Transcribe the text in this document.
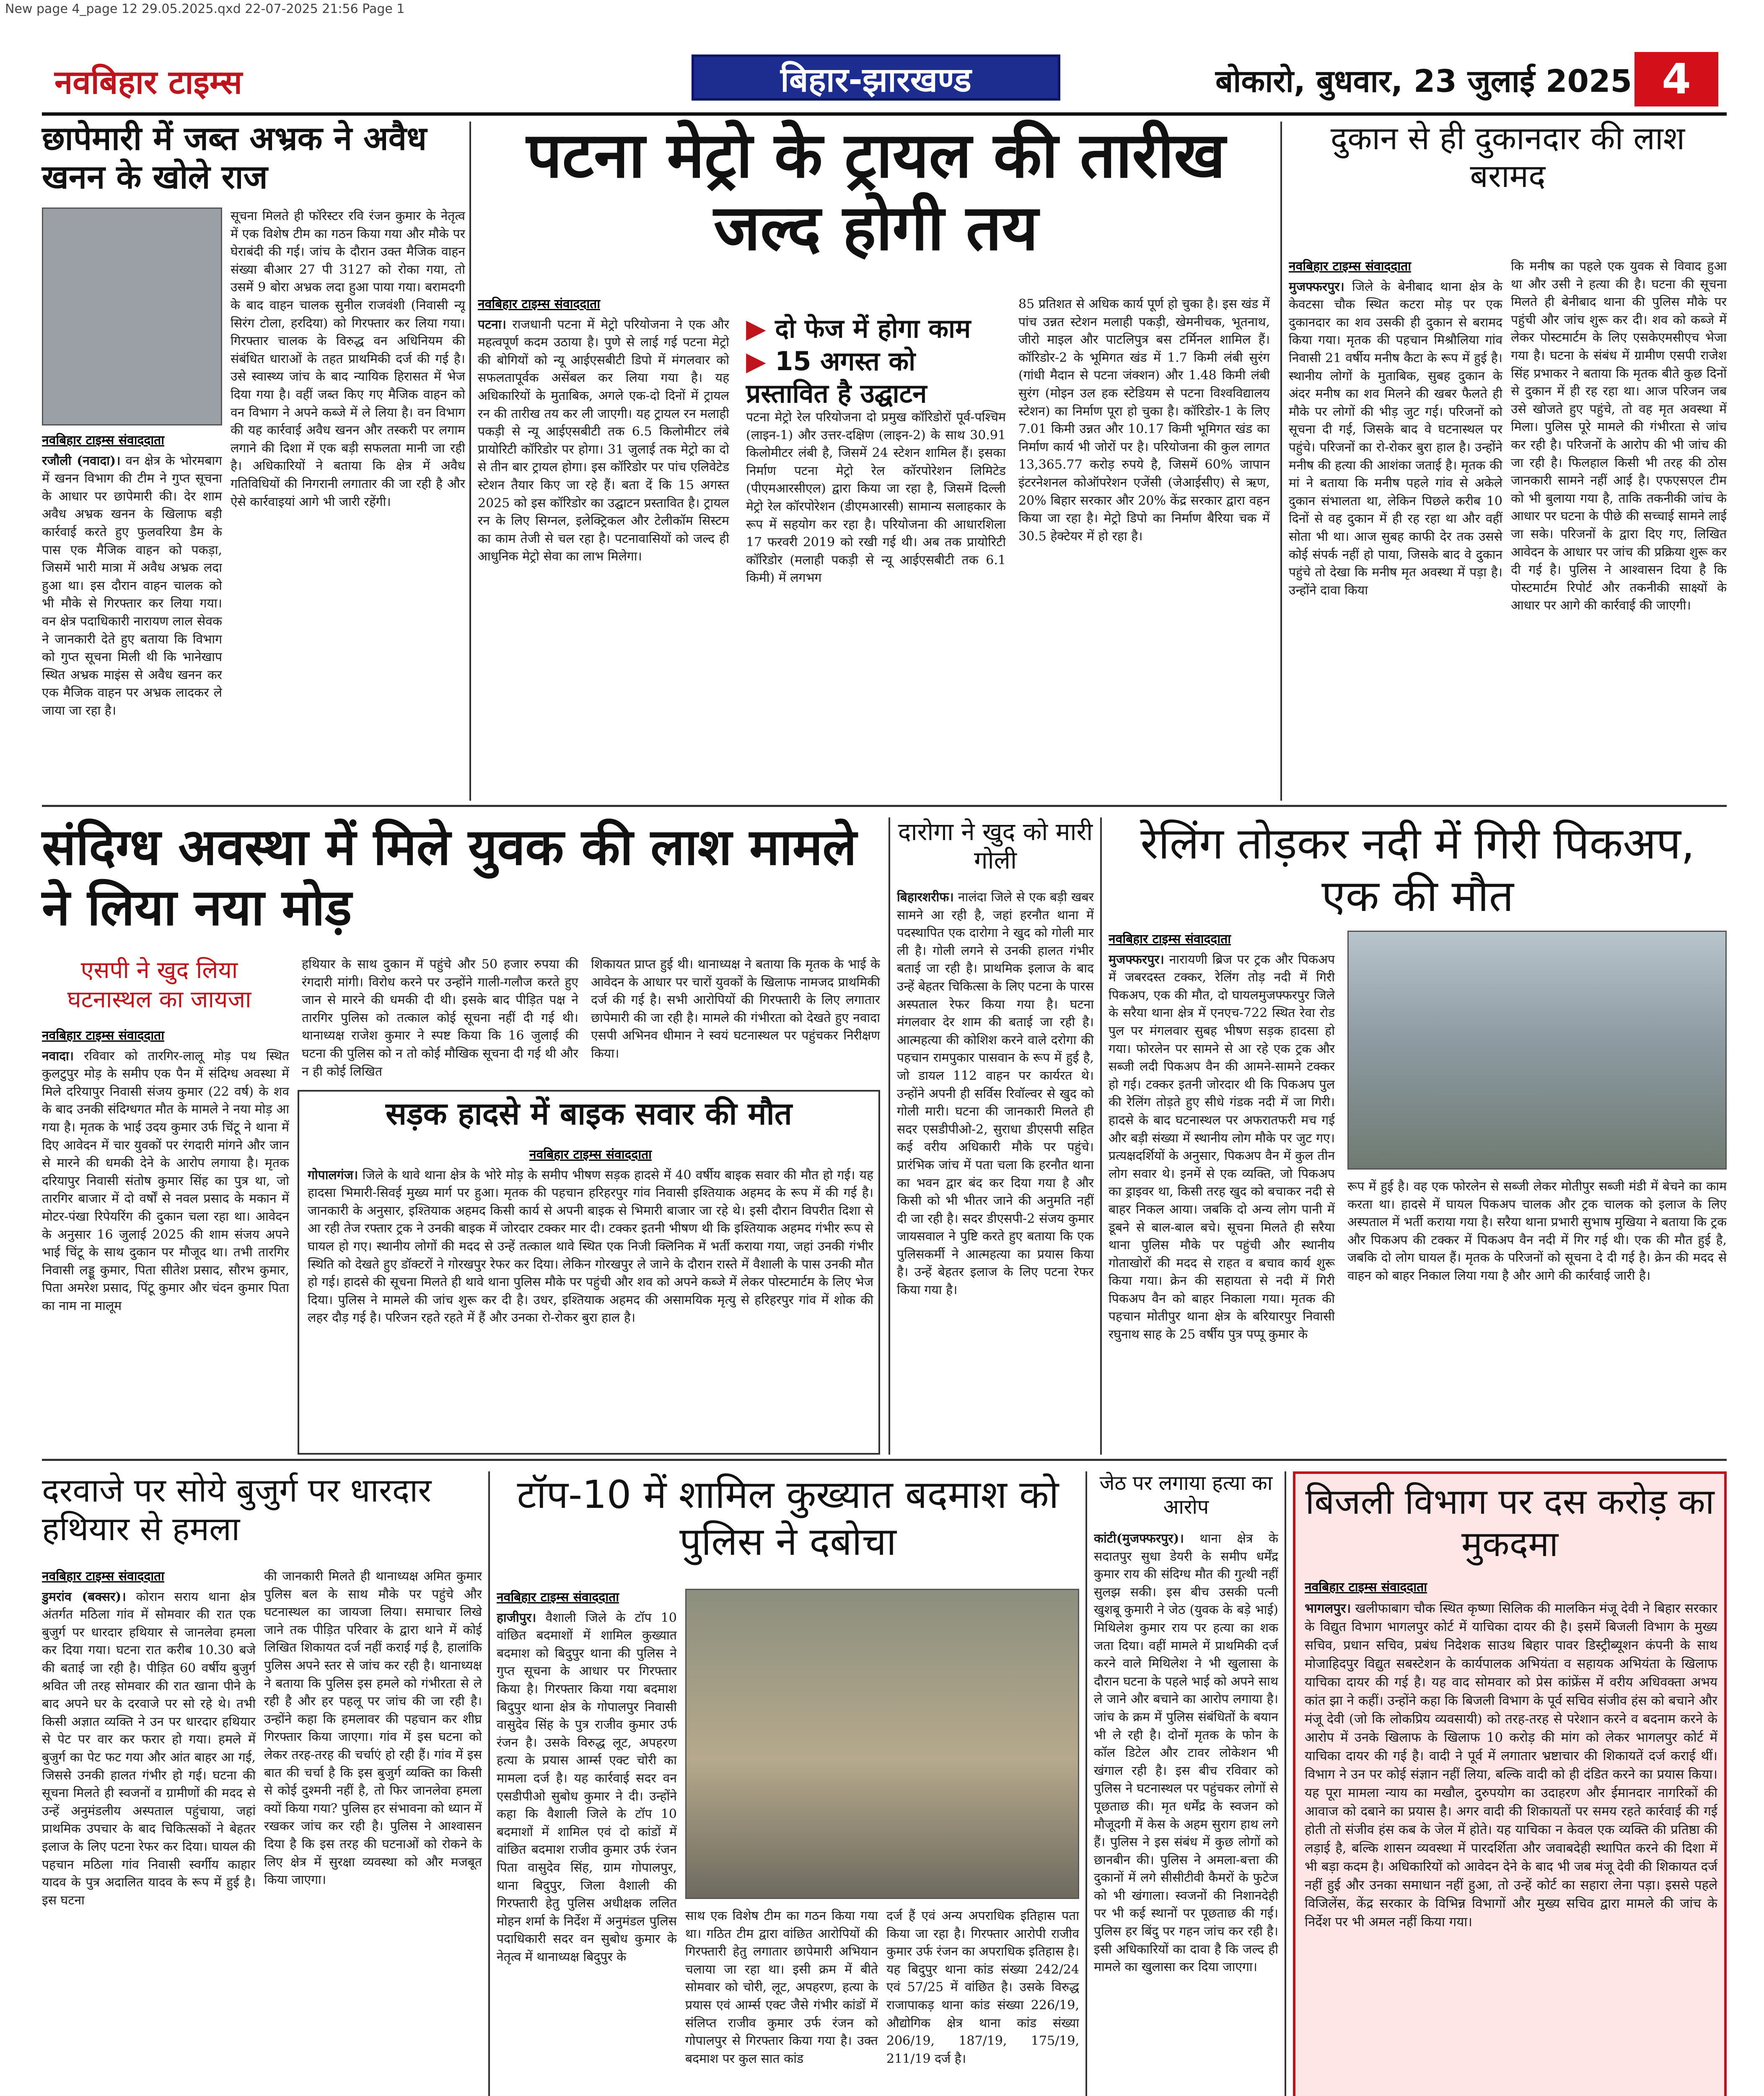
New page 4_page 12 29.05.2025.qxd 22-07-2025 21:56 Page 1
नवबिहार टाइम्स	बिहार-झारखण्ड	बोकारो, बुधवार, 23 जुलाई 2025 4
छापेमारी में जब्त अभ्रक ने अवैध खनन के खोले राज
सूचना मिलते ही फॉरेस्टर रवि रंजन कुमार के नेतृत्व में एक विशेष टीम का गठन किया गया और मौके पर घेराबंदी की गई। जांच के दौरान उक्त मैजिक वाहन संख्या बीआर 27 पी 3127 को रोका गया, तो उसमें 9 बोरा अभ्रक लदा हुआ पाया गया। बरामदगी के बाद वाहन चालक सुनील राजवंशी (निवासी न्यू सिरंग टोला, हरदिया) को गिरफ्तार कर लिया गया। गिरफ्तार चालक के विरुद्ध वन अधिनियम की संबंधित धाराओं के तहत प्राथमिकी दर्ज की गई है। उसे स्वास्थ्य जांच के बाद न्यायिक हिरासत में भेज दिया गया है। वहीं जब्त किए गए मैजिक वाहन को वन विभाग ने अपने कब्जे में ले लिया है। वन विभाग की यह कार्रवाई अवैध खनन और तस्करी पर लगाम लगाने की दिशा में एक बड़ी सफलता मानी जा रही है। अधिकारियों ने बताया कि क्षेत्र में अवैध गतिविधियों की निगरानी लगातार की जा रही है और ऐसे कार्रवाइयां आगे भी जारी रहेंगी।
नवबिहार टाइम्स संवाददाता
रजौली (नवादा)। वन क्षेत्र के भोरमबाग में खनन विभाग की टीम ने गुप्त सूचना के आधार पर छापेमारी की। देर शाम अवैध अभ्रक खनन के खिलाफ बड़ी कार्रवाई करते हुए फुलवरिया डैम के पास एक मैजिक वाहन को पकड़ा, जिसमें भारी मात्रा में अवैध अभ्रक लदा हुआ था। इस दौरान वाहन चालक को भी मौके से गिरफ्तार कर लिया गया। वन क्षेत्र पदाधिकारी नारायण लाल सेवक ने जानकारी देते हुए बताया कि विभाग को गुप्त सूचना मिली थी कि भानेखाप स्थित अभ्रक माइंस से अवैध खनन कर एक मैजिक वाहन पर अभ्रक लादकर ले जाया जा रहा है।
पटना मेट्रो के ट्रायल की तारीख जल्द होगी तय
नवबिहार टाइम्स संवाददाता
पटना। राजधानी पटना में मेट्रो परियोजना ने एक और महत्वपूर्ण कदम उठाया है। पुणे से लाई गई पटना मेट्रो की बोगियों को न्यू आईएसबीटी डिपो में मंगलवार को सफलतापूर्वक असेंबल कर लिया गया है। यह अधिकारियों के मुताबिक, अगले एक-दो दिनों में ट्रायल रन की तारीख तय कर ली जाएगी। यह ट्रायल रन मलाही पकड़ी से न्यू आईएसबीटी तक 6.5 किलोमीटर लंबे प्रायोरिटी कॉरिडोर पर होगा। 31 जुलाई तक मेट्रो का दो से तीन बार ट्रायल होगा। इस कॉरिडोर पर पांच एलिवेटेड स्टेशन तैयार किए जा रहे हैं। बता दें कि 15 अगस्त 2025 को इस कॉरिडोर का उद्घाटन प्रस्तावित है। ट्रायल रन के लिए सिग्नल, इलेक्ट्रिकल और टेलीकॉम सिस्टम का काम तेजी से चल रहा है। पटनावासियों को जल्द ही आधुनिक मेट्रो सेवा का लाभ मिलेगा।
▶ दो फेज में होगा काम
▶ 15 अगस्त को प्रस्तावित है उद्घाटन
पटना मेट्रो रेल परियोजना दो प्रमुख कॉरिडोरों पूर्व-पश्चिम (लाइन-1) और उत्तर-दक्षिण (लाइन-2) के साथ 30.91 किलोमीटर लंबी है, जिसमें 24 स्टेशन शामिल हैं। इसका निर्माण पटना मेट्रो रेल कॉरपोरेशन लिमिटेड (पीएमआरसीएल) द्वारा किया जा रहा है, जिसमें दिल्ली मेट्रो रेल कॉरपोरेशन (डीएमआरसी) सामान्य सलाहकार के रूप में सहयोग कर रहा है। परियोजना की आधारशिला 17 फरवरी 2019 को रखी गई थी। अब तक प्रायोरिटी कॉरिडोर (मलाही पकड़ी से न्यू आईएसबीटी तक 6.1 किमी) में लगभग
85 प्रतिशत से अधिक कार्य पूर्ण हो चुका है। इस खंड में पांच उन्नत स्टेशन मलाही पकड़ी, खेमनीचक, भूतनाथ, जीरो माइल और पाटलिपुत्र बस टर्मिनल शामिल हैं। कॉरिडोर-2 के भूमिगत खंड में 1.7 किमी लंबी सुरंग (गांधी मैदान से पटना जंक्शन) और 1.48 किमी लंबी सुरंग (मोइन उल हक स्टेडियम से पटना विश्वविद्यालय स्टेशन) का निर्माण पूरा हो चुका है। कॉरिडोर-1 के लिए 7.01 किमी उन्नत और 10.17 किमी भूमिगत खंड का निर्माण कार्य भी जोरों पर है। परियोजना की कुल लागत 13,365.77 करोड़ रुपये है, जिसमें 60% जापान इंटरनेशनल कोऑपरेशन एजेंसी (जेआईसीए) से ऋण, 20% बिहार सरकार और 20% केंद्र सरकार द्वारा वहन किया जा रहा है। मेट्रो डिपो का निर्माण बैरिया चक में 30.5 हेक्टेयर में हो रहा है।
दुकान से ही दुकानदार की लाश बरामद
नवबिहार टाइम्स संवाददाता
मुजफ्फरपुर। जिले के बेनीबाद थाना क्षेत्र के केवटसा चौक स्थित कटरा मोड़ पर एक दुकानदार का शव उसकी ही दुकान से बरामद किया गया। मृतक की पहचान मिश्रौलिया गांव निवासी 21 वर्षीय मनीष कैटा के रूप में हुई है। स्थानीय लोगों के मुताबिक, सुबह दुकान के अंदर मनीष का शव मिलने की खबर फैलते ही मौके पर लोगों की भीड़ जुट गई। परिजनों को सूचना दी गई, जिसके बाद वे घटनास्थल पर पहुंचे। परिजनों का रो-रोकर बुरा हाल है। उन्होंने मनीष की हत्या की आशंका जताई है। मृतक की मां ने बताया कि मनीष पहले गांव से अकेले दुकान संभालता था, लेकिन पिछले करीब 10 दिनों से वह दुकान में ही रह रहा था और वहीं सोता भी था। आज सुबह काफी देर तक उससे कोई संपर्क नहीं हो पाया, जिसके बाद वे दुकान पहुंचे तो देखा कि मनीष मृत अवस्था में पड़ा है। उन्होंने दावा किया
कि मनीष का पहले एक युवक से विवाद हुआ था और उसी ने हत्या की है। घटना की सूचना मिलते ही बेनीबाद थाना की पुलिस मौके पर पहुंची और जांच शुरू कर दी। शव को कब्जे में लेकर पोस्टमार्टम के लिए एसकेएमसीएच भेजा गया है। घटना के संबंध में ग्रामीण एसपी राजेश सिंह प्रभाकर ने बताया कि मृतक बीते कुछ दिनों से दुकान में ही रह रहा था। आज परिजन जब उसे खोजते हुए पहुंचे, तो वह मृत अवस्था में मिला। पुलिस पूरे मामले की गंभीरता से जांच कर रही है। परिजनों के आरोप की भी जांच की जा रही है। फिलहाल किसी भी तरह की ठोस जानकारी सामने नहीं आई है। एफएसएल टीम को भी बुलाया गया है, ताकि तकनीकी जांच के आधार पर घटना के पीछे की सच्चाई सामने लाई जा सके। परिजनों के द्वारा दिए गए, लिखित आवेदन के आधार पर जांच की प्रक्रिया शुरू कर दी गई है। पुलिस ने आश्वासन दिया है कि पोस्टमार्टम रिपोर्ट और तकनीकी साक्ष्यों के आधार पर आगे की कार्रवाई की जाएगी।
संदिग्ध अवस्था में मिले युवक की लाश मामले ने लिया नया मोड़
एसपी ने खुद लिया घटनास्थल का जायजा
नवबिहार टाइम्स संवाददाता
नवादा। रविवार को तारगिर-लालू मोड़ पथ स्थित कुलटुपुर मोड़ के समीप एक पैन में संदिग्ध अवस्था में मिले दरियापुर निवासी संजय कुमार (22 वर्ष) के शव के बाद उनकी संदिग्धगत मौत के मामले ने नया मोड़ आ गया है। मृतक के भाई उदय कुमार उर्फ चिंटू ने थाना में दिए आवेदन में चार युवकों पर रंगदारी मांगने और जान से मारने की धमकी देने के आरोप लगाया है। मृतक दरियापुर निवासी संतोष कुमार सिंह का पुत्र था, जो तारगिर बाजार में दो वर्षों से नवल प्रसाद के मकान में मोटर-पंखा रिपेयरिंग की दुकान चला रहा था। आवेदन के अनुसार 16 जुलाई 2025 की शाम संजय अपने भाई चिंटू के साथ दुकान पर मौजूद था। तभी तारगिर निवासी लड्डू कुमार, पिता सीतेश प्रसाद, सौरभ कुमार, पिता अमरेश प्रसाद, पिंटू कुमार और चंदन कुमार पिता का नाम ना मालूम
हथियार के साथ दुकान में पहुंचे और 50 हजार रुपया की रंगदारी मांगी। विरोध करने पर उन्होंने गाली-गलौज करते हुए जान से मारने की धमकी दी थी। इसके बाद पीड़ित पक्ष ने तारगिर पुलिस को तत्काल कोई सूचना नहीं दी गई थी। थानाध्यक्ष राजेश कुमार ने स्पष्ट किया कि 16 जुलाई की घटना की पुलिस को न तो कोई मौखिक सूचना दी गई थी और न ही कोई लिखित
शिकायत प्राप्त हुई थी। थानाध्यक्ष ने बताया कि मृतक के भाई के आवेदन के आधार पर चारों युवकों के खिलाफ नामजद प्राथमिकी दर्ज की गई है। सभी आरोपियों की गिरफ्तारी के लिए लगातार छापेमारी की जा रही है। मामले की गंभीरता को देखते हुए नवादा एसपी अभिनव धीमान ने स्वयं घटनास्थल पर पहुंचकर निरीक्षण किया।
सड़क हादसे में बाइक सवार की मौत
नवबिहार टाइम्स संवाददाता
गोपालगंज। जिले के थावे थाना क्षेत्र के भोरे मोड़ के समीप भीषण सड़क हादसे में 40 वर्षीय बाइक सवार की मौत हो गई। यह हादसा भिमारी-सिवई मुख्य मार्ग पर हुआ। मृतक की पहचान हरिहरपुर गांव निवासी इश्तियाक अहमद के रूप में की गई है। जानकारी के अनुसार, इश्तियाक अहमद किसी कार्य से अपनी बाइक से भिमारी बाजार जा रहे थे। इसी दौरान विपरीत दिशा से आ रही तेज रफ्तार ट्रक ने उनकी बाइक में जोरदार टक्कर मार दी। टक्कर इतनी भीषण थी कि इश्तियाक अहमद गंभीर रूप से घायल हो गए। स्थानीय लोगों की मदद से उन्हें तत्काल थावे स्थित एक निजी क्लिनिक में भर्ती कराया गया, जहां उनकी गंभीर स्थिति को देखते हुए डॉक्टरों ने गोरखपुर रेफर कर दिया। लेकिन गोरखपुर ले जाने के दौरान रास्ते में वैशाली के पास उनकी मौत हो गई। हादसे की सूचना मिलते ही थावे थाना पुलिस मौके पर पहुंची और शव को अपने कब्जे में लेकर पोस्टमार्टम के लिए भेज दिया। पुलिस ने मामले की जांच शुरू कर दी है। उधर, इश्तियाक अहमद की असामयिक मृत्यु से हरिहरपुर गांव में शोक की लहर दौड़ गई है। परिजन रहते रहते में हैं और उनका रो-रोकर बुरा हाल है।
दारोगा ने खुद को मारी गोली
बिहारशरीफ। नालंदा जिले से एक बड़ी खबर सामने आ रही है, जहां हरनौत थाना में पदस्थापित एक दारोगा ने खुद को गोली मार ली है। गोली लगने से उनकी हालत गंभीर बताई जा रही है। प्राथमिक इलाज के बाद उन्हें बेहतर चिकित्सा के लिए पटना के पारस अस्पताल रेफर किया गया है। घटना मंगलवार देर शाम की बताई जा रही है। आत्महत्या की कोशिश करने वाले दरोगा की पहचान रामपुकार पासवान के रूप में हुई है, जो डायल 112 वाहन पर कार्यरत थे। उन्होंने अपनी ही सर्विस रिवॉल्वर से खुद को गोली मारी। घटना की जानकारी मिलते ही सदर एसडीपीओ-2, सुराधा डीएसपी सहित कई वरीय अधिकारी मौके पर पहुंचे। प्रारंभिक जांच में पता चला कि हरनौत थाना का भवन द्वार बंद कर दिया गया है और किसी को भी भीतर जाने की अनुमति नहीं दी जा रही है। सदर डीएसपी-2 संजय कुमार जायसवाल ने पुष्टि करते हुए बताया कि एक पुलिसकर्मी ने आत्महत्या का प्रयास किया है। उन्हें बेहतर इलाज के लिए पटना रेफर किया गया है।
रेलिंग तोड़कर नदी में गिरी पिकअप, एक की मौत
नवबिहार टाइम्स संवाददाता
मुजफ्फरपुर। नारायणी ब्रिज पर ट्रक और पिकअप में जबरदस्त टक्कर, रेलिंग तोड़ नदी में गिरी पिकअप, एक की मौत, दो घायलमुजफ्फरपुर जिले के सरैया थाना क्षेत्र में एनएच-722 स्थित रेवा रोड पुल पर मंगलवार सुबह भीषण सड़क हादसा हो गया। फोरलेन पर सामने से आ रहे एक ट्रक और सब्जी लदी पिकअप वैन की आमने-सामने टक्कर हो गई। टक्कर इतनी जोरदार थी कि पिकअप पुल की रेलिंग तोड़ते हुए सीधे गंडक नदी में जा गिरी। हादसे के बाद घटनास्थल पर अफरातफरी मच गई और बड़ी संख्या में स्थानीय लोग मौके पर जुट गए। प्रत्यक्षदर्शियों के अनुसार, पिकअप वैन में कुल तीन लोग सवार थे। इनमें से एक व्यक्ति, जो पिकअप का ड्राइवर था, किसी तरह खुद को बचाकर नदी से बाहर निकल आया। जबकि दो अन्य लोग पानी में डूबने से बाल-बाल बचे। सूचना मिलते ही सरैया थाना पुलिस मौके पर पहुंची और स्थानीय गोताखोरों की मदद से राहत व बचाव कार्य शुरू किया गया। क्रेन की सहायता से नदी में गिरी पिकअप वैन को बाहर निकाला गया। मृतक की पहचान मोतीपुर थाना क्षेत्र के बरियारपुर निवासी रघुनाथ साह के 25 वर्षीय पुत्र पप्पू कुमार के
रूप में हुई है। वह एक फोरलेन से सब्जी लेकर मोतीपुर सब्जी मंडी में बेचने का काम करता था। हादसे में घायल पिकअप चालक और ट्रक चालक को इलाज के लिए अस्पताल में भर्ती कराया गया है। सरैया थाना प्रभारी सुभाष मुखिया ने बताया कि ट्रक और पिकअप की टक्कर में पिकअप वैन नदी में गिर गई थी। एक की मौत हुई है, जबकि दो लोग घायल हैं। मृतक के परिजनों को सूचना दे दी गई है। क्रेन की मदद से वाहन को बाहर निकाल लिया गया है और आगे की कार्रवाई जारी है।
दरवाजे पर सोये बुजुर्ग पर धारदार हथियार से हमला
नवबिहार टाइम्स संवाददाता
डुमरांव (बक्सर)। कोरान सराय थाना क्षेत्र अंतर्गत मठिला गांव में सोमवार की रात एक बुजुर्ग पर धारदार हथियार से जानलेवा हमला कर दिया गया। घटना रात करीब 10.30 बजे की बताई जा रही है। पीड़ित 60 वर्षीय बुजुर्ग श्रवित जी तरह सोमवार की रात खाना पीने के बाद अपने घर के दरवाजे पर सो रहे थे। तभी किसी अज्ञात व्यक्ति ने उन पर धारदार हथियार से पेट पर वार कर फरार हो गया। हमले में बुजुर्ग का पेट फट गया और आंत बाहर आ गई, जिससे उनकी हालत गंभीर हो गई। घटना की सूचना मिलते ही स्वजनों व ग्रामीणों की मदद से उन्हें अनुमंडलीय अस्पताल पहुंचाया, जहां प्राथमिक उपचार के बाद चिकित्सकों ने बेहतर इलाज के लिए पटना रेफर कर दिया। घायल की पहचान मठिला गांव निवासी स्वर्गीय काहार यादव के पुत्र अदालित यादव के रूप में हुई है। इस घटना
की जानकारी मिलते ही थानाध्यक्ष अमित कुमार पुलिस बल के साथ मौके पर पहुंचे और घटनास्थल का जायजा लिया। समाचार लिखे जाने तक पीड़ित परिवार के द्वारा थाने में कोई लिखित शिकायत दर्ज नहीं कराई गई है, हालांकि पुलिस अपने स्तर से जांच कर रही है। थानाध्यक्ष ने बताया कि पुलिस इस हमले को गंभीरता से ले रही है और हर पहलू पर जांच की जा रही है। उन्होंने कहा कि हमलावर की पहचान कर शीघ्र गिरफ्तार किया जाएगा। गांव में इस घटना को लेकर तरह-तरह की चर्चाएं हो रही हैं। गांव में इस बात की चर्चा है कि इस बुजुर्ग व्यक्ति का किसी से कोई दुश्मनी नहीं है, तो फिर जानलेवा हमला क्यों किया गया? पुलिस हर संभावना को ध्यान में रखकर जांच कर रही है। पुलिस ने आश्वासन दिया है कि इस तरह की घटनाओं को रोकने के लिए क्षेत्र में सुरक्षा व्यवस्था को और मजबूत किया जाएगा।
टॉप-10 में शामिल कुख्यात बदमाश को पुलिस ने दबोचा
नवबिहार टाइम्स संवाददाता
हाजीपुर। वैशाली जिले के टॉप 10 वांछित बदमाशों में शामिल कुख्यात बदमाश को बिदुपुर थाना की पुलिस ने गुप्त सूचना के आधार पर गिरफ्तार किया है। गिरफ्तार किया गया बदमाश बिदुपुर थाना क्षेत्र के गोपालपुर निवासी वासुदेव सिंह के पुत्र राजीव कुमार उर्फ रंजन है। उसके विरुद्ध लूट, अपहरण हत्या के प्रयास आर्म्स एक्ट चोरी का मामला दर्ज है। यह कार्रवाई सदर वन एसडीपीओ सुबोध कुमार ने दी। उन्होंने कहा कि वैशाली जिले के टॉप 10 बदमाशों में शामिल एवं दो कांडों में वांछित बदमाश राजीव कुमार उर्फ रंजन पिता वासुदेव सिंह, ग्राम गोपालपुर, थाना बिदुपुर, जिला वैशाली की गिरफ्तारी हेतु पुलिस अधीक्षक ललित मोहन शर्मा के निर्देश में अनुमंडल पुलिस पदाधिकारी सदर वन सुबोध कुमार के नेतृत्व में थानाध्यक्ष बिदुपुर के
साथ एक विशेष टीम का गठन किया गया था। गठित टीम द्वारा वांछित आरोपियों की गिरफ्तारी हेतु लगातार छापेमारी अभियान चलाया जा रहा था। इसी क्रम में बीते सोमवार को चोरी, लूट, अपहरण, हत्या के प्रयास एवं आर्म्स एक्ट जैसे गंभीर कांडों में संलिप्त राजीव कुमार उर्फ रंजन को गोपालपुर से गिरफ्तार किया गया है। उक्त बदमाश पर कुल सात कांड
दर्ज हैं एवं अन्य अपराधिक इतिहास पता किया जा रहा है। गिरफ्तार आरोपी राजीव कुमार उर्फ रंजन का अपराधिक इतिहास है। यह बिदुपुर थाना कांड संख्या 242/24 एवं 57/25 में वांछित है। उसके विरुद्ध राजापाकड़ थाना कांड संख्या 226/19, औद्योगिक क्षेत्र थाना कांड संख्या 206/19, 187/19, 175/19, 211/19 दर्ज है।
जेठ पर लगाया हत्या का आरोप
कांटी(मुजफ्फरपुर)। थाना क्षेत्र के सदातपुर सुधा डेयरी के समीप धर्मेंद्र कुमार राय की संदिग्ध मौत की गुत्थी नहीं सुलझ सकी। इस बीच उसकी पत्नी खुशबू कुमारी ने जेठ (युवक के बड़े भाई) मिथिलेश कुमार राय पर हत्या का शक जता दिया। वहीं मामले में प्राथमिकी दर्ज करने वाले मिथिलेश ने भी खुलासा के दौरान घटना के पहले भाई को अपने साथ ले जाने और बचाने का आरोप लगाया है। जांच के क्रम में पुलिस संबंधितों के बयान भी ले रही है। दोनों मृतक के फोन के कॉल डिटेल और टावर लोकेशन भी खंगाल रही है। इस बीच रविवार को पुलिस ने घटनास्थल पर पहुंचकर लोगों से पूछताछ की। मृत धर्मेंद्र के स्वजन को मौजूदगी में केस के अहम सुराग हाथ लगे हैं। पुलिस ने इस संबंध में कुछ लोगों को छानबीन की। पुलिस ने अमला-बत्ता की दुकानों में लगे सीसीटीवी कैमरों के फुटेज को भी खंगाला। स्वजनों की निशानदेही पर भी कई स्थानों पर पूछताछ की गई। पुलिस हर बिंदु पर गहन जांच कर रही है। इसी अधिकारियों का दावा है कि जल्द ही मामले का खुलासा कर दिया जाएगा।
बिजली विभाग पर दस करोड़ का मुकदमा
नवबिहार टाइम्स संवाददाता
भागलपुर। खलीफाबाग चौक स्थित कृष्णा सिलिक की मालकिन मंजू देवी ने बिहार सरकार के विद्युत विभाग भागलपुर कोर्ट में याचिका दायर की है। इसमें बिजली विभाग के मुख्य सचिव, प्रधान सचिव, प्रबंध निदेशक साउथ बिहार पावर डिस्ट्रीब्यूशन कंपनी के साथ मोजाहिदपुर विद्युत सबस्टेशन के कार्यपालक अभियंता व सहायक अभियंता के खिलाफ याचिका दायर की गई है। यह वाद सोमवार को प्रेस कांफ्रेंस में वरीय अधिवक्ता अभय कांत झा ने कहीं। उन्होंने कहा कि बिजली विभाग के पूर्व सचिव संजीव हंस को बचाने और मंजू देवी (जो कि लोकप्रिय व्यवसायी) को तरह-तरह से परेशान करने व बदनाम करने के आरोप में उनके खिलाफ के खिलाफ 10 करोड़ की मांग को लेकर भागलपुर कोर्ट में याचिका दायर की गई है। वादी ने पूर्व में लगातार भ्रष्टाचार की शिकायतें दर्ज कराई थीं। विभाग ने उन पर कोई संज्ञान नहीं लिया, बल्कि वादी को ही दंडित करने का प्रयास किया। यह पूरा मामला न्याय का मखौल, दुरुपयोग का उदाहरण और ईमानदार नागरिकों की आवाज को दबाने का प्रयास है। अगर वादी की शिकायतों पर समय रहते कार्रवाई की गई होती तो संजीव हंस कब के जेल में होते। यह याचिका न केवल एक व्यक्ति की प्रतिष्ठा की लड़ाई है, बल्कि शासन व्यवस्था में पारदर्शिता और जवाबदेही स्थापित करने की दिशा में भी बड़ा कदम है। अधिकारियों को आवेदन देने के बाद भी जब मंजू देवी की शिकायत दर्ज नहीं हुई और उनका समाधान नहीं हुआ, तो उन्हें कोर्ट का सहारा लेना पड़ा। इससे पहले विजिलेंस, केंद्र सरकार के विभिन्न विभागों और मुख्य सचिव द्वारा मामले की जांच के निर्देश पर भी अमल नहीं किया गया।
